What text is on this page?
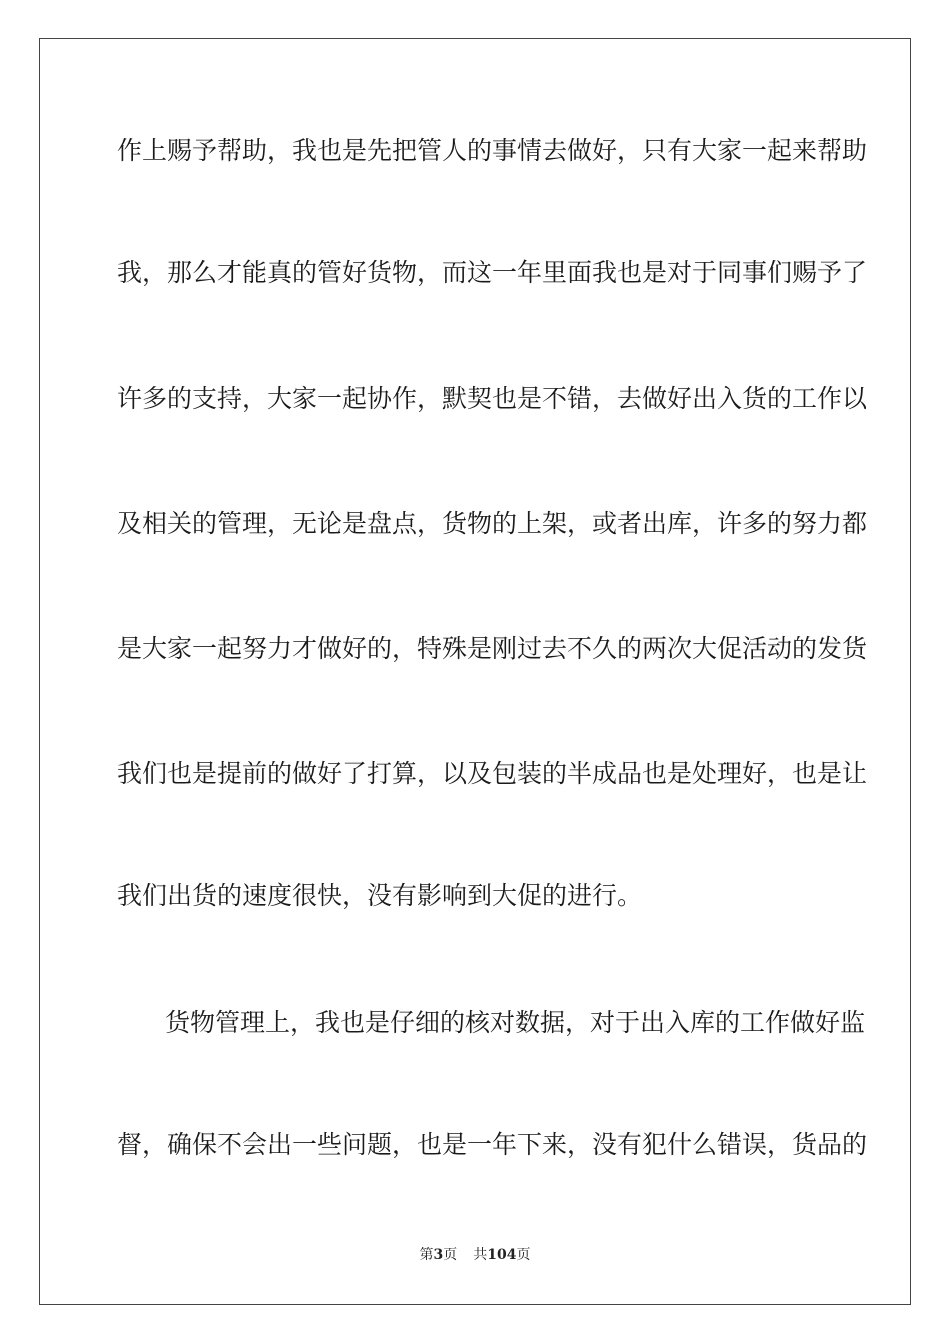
作上赐予帮助，我也是先把管人的事情去做好，只有大家一起来帮助
我，那么才能真的管好货物，而这一年里面我也是对于同事们赐予了
许多的支持，大家一起协作，默契也是不错，去做好出入货的工作以
及相关的管理，无论是盘点，货物的上架，或者出库，许多的努力都
是大家一起努力才做好的，特殊是刚过去不久的两次大促活动的发货
我们也是提前的做好了打算，以及包装的半成品也是处理好，也是让
我们出货的速度很快，没有影响到大促的进行。
货物管理上，我也是仔细的核对数据，对于出入库的工作做好监
督，确保不会出一些问题，也是一年下来，没有犯什么错误，货品的
第3页 共104页
